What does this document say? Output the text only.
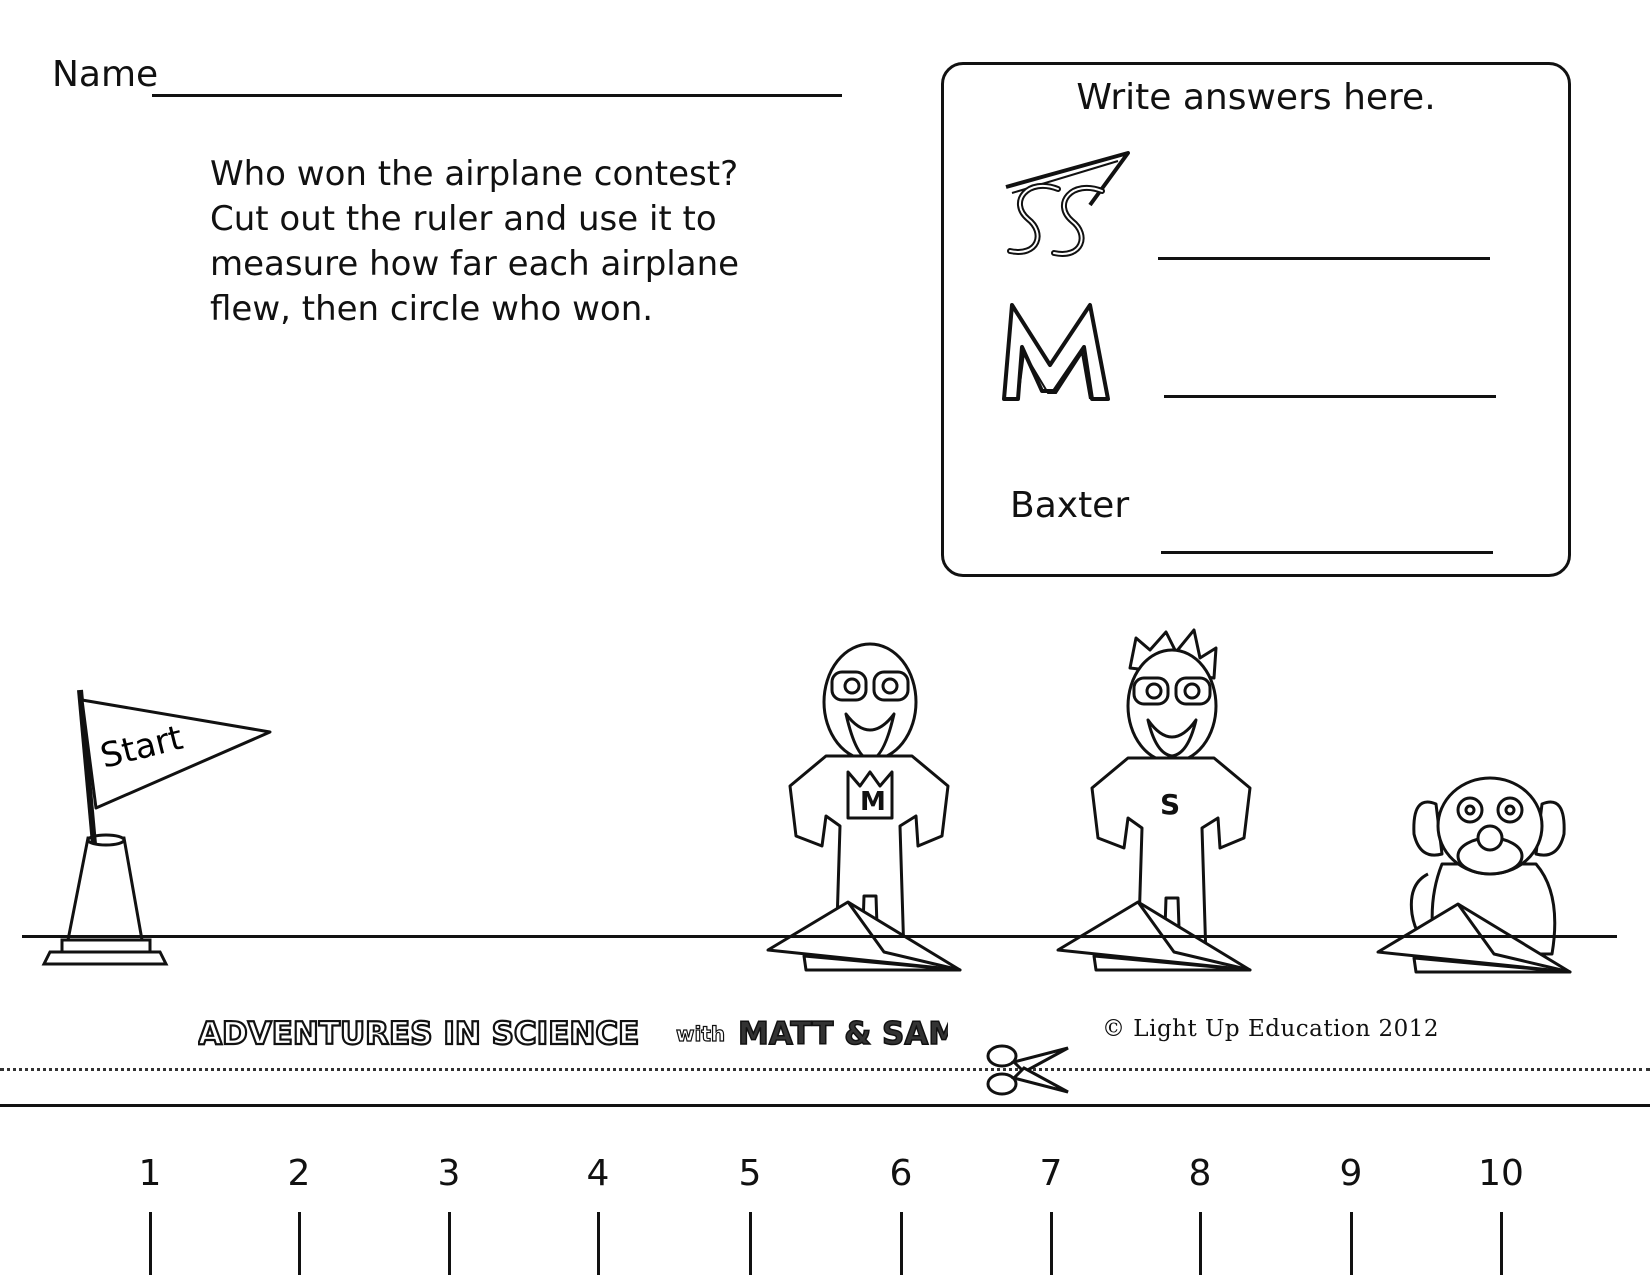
Name
Who won the airplane contest?
Cut out the ruler and use it to
measure how far each airplane
flew, then circle who won.
Write answers here.
Baxter
Start
M	S
ADVENTURES IN SCIENCE with MATT & SAM	© Light Up Education 2012
1	2	3	4	5	6	7	8	9	10
